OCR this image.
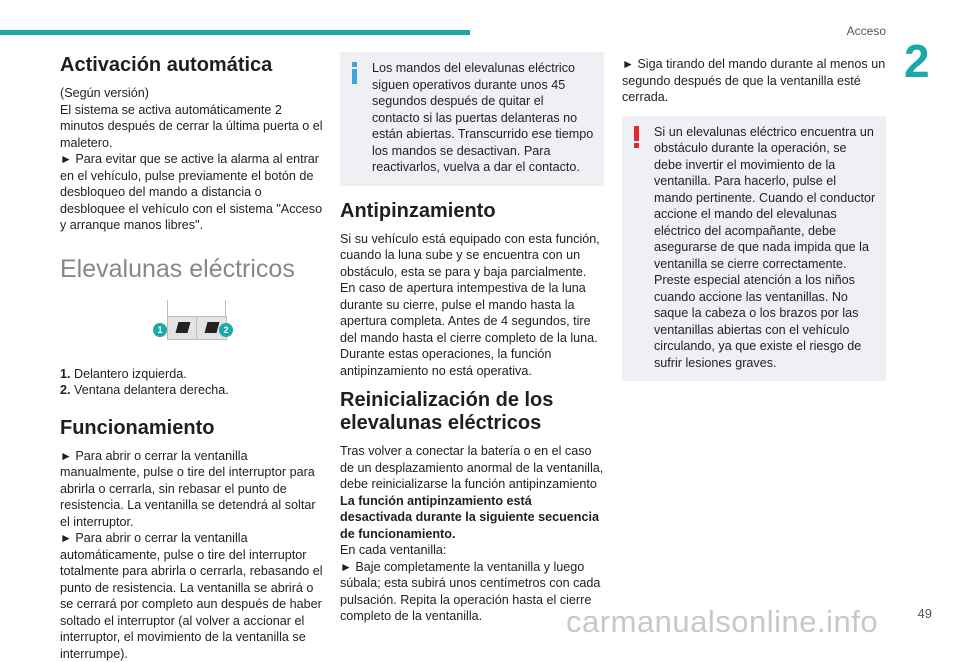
Acceso
2
Activación automática

(Según versión)

El sistema se activa automáticamente 2 minutos después de cerrar la última puerta o el maletero.

► Para evitar que se active la alarma al entrar en el vehículo, pulse previamente el botón de desbloqueo del mando a distancia o desbloquee el vehículo con el sistema "Acceso y arranque manos libres".

Elevalunas eléctricos
1	2
1. Delantero izquierda.
2. Ventana delantera derecha.
Funcionamiento

► Para abrir o cerrar la ventanilla manualmente, pulse o tire del interruptor para abrirla o cerrarla, sin rebasar el punto de resistencia. La ventanilla se detendrá al soltar el interruptor.

► Para abrir o cerrar la ventanilla automáticamente, pulse o tire del interruptor totalmente para abrirla o cerrarla, rebasando el punto de resistencia. La ventanilla se abrirá o se cerrará por completo aun después de haber soltado el interruptor (al volver a accionar el interruptor, el movimiento de la ventanilla se interrumpe).

Los mandos del elevalunas eléctrico siguen operativos durante unos 45 segundos después de quitar el contacto si las puertas delanteras no están abiertas. Transcurrido ese tiempo los mandos se desactivan. Para reactivarlos, vuelva a dar el contacto.

Antipinzamiento

Si su vehículo está equipado con esta función, cuando la luna sube y se encuentra con un obstáculo, esta se para y baja parcialmente. En caso de apertura intempestiva de la luna durante su cierre, pulse el mando hasta la apertura completa. Antes de 4 segundos, tire del mando hasta el cierre completo de la luna. Durante estas operaciones, la función antipinzamiento no está operativa.

Reinicialización de los elevalunas eléctricos

Tras volver a conectar la batería o en el caso de un desplazamiento anormal de la ventanilla, debe reinicializarse la función antipinzamiento

La función antipinzamiento está desactivada durante la siguiente secuencia de funcionamiento.

En cada ventanilla:

► Baje completamente la ventanilla y luego súbala; esta subirá unos centímetros con cada pulsación. Repita la operación hasta el cierre completo de la ventanilla.

► Siga tirando del mando durante al menos un segundo después de que la ventanilla esté cerrada.

Si un elevalunas eléctrico encuentra un obstáculo durante la operación, se debe invertir el movimiento de la ventanilla. Para hacerlo, pulse el mando pertinente. Cuando el conductor accione el mando del elevalunas eléctrico del acompañante, debe asegurarse de que nada impida que la ventanilla se cierre correctamente. Preste especial atención a los niños cuando accione las ventanillas. No saque la cabeza o los brazos por las ventanillas abiertas con el vehículo circulando, ya que existe el riesgo de sufrir lesiones graves.

carmanualsonline.info	49
